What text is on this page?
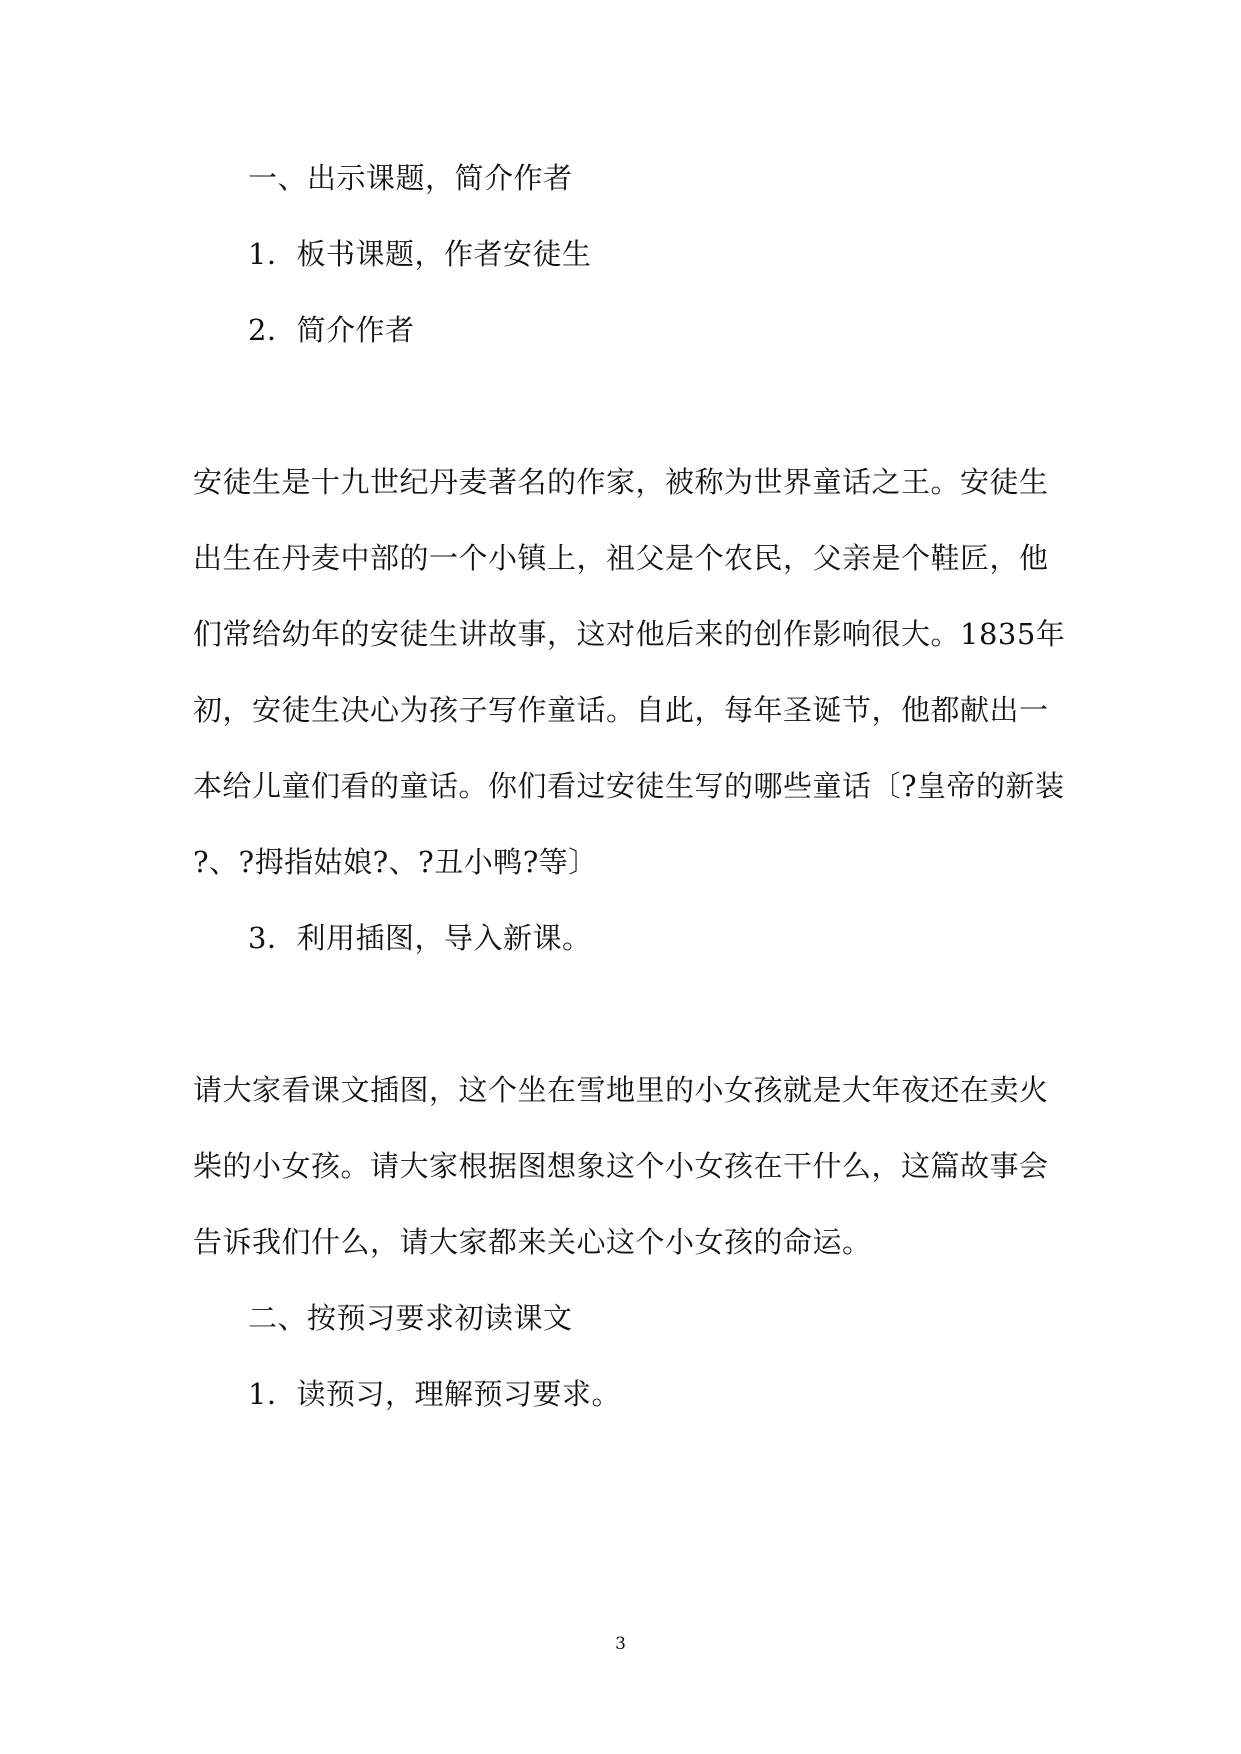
一、出示课题，简介作者
1．板书课题，作者安徒生
2．简介作者
安徒生是十九世纪丹麦著名的作家，被称为世界童话之王。安徒生
出生在丹麦中部的一个小镇上，祖父是个农民，父亲是个鞋匠，他
们常给幼年的安徒生讲故事，这对他后来的创作影响很大。1835年
初，安徒生决心为孩子写作童话。自此，每年圣诞节，他都献出一
本给儿童们看的童话。你们看过安徒生写的哪些童话〔?皇帝的新装
?、?拇指姑娘?、?丑小鸭?等〕
3．利用插图，导入新课。
请大家看课文插图，这个坐在雪地里的小女孩就是大年夜还在卖火
柴的小女孩。请大家根据图想象这个小女孩在干什么，这篇故事会
告诉我们什么，请大家都来关心这个小女孩的命运。
二、按预习要求初读课文
1．读预习，理解预习要求。
3
